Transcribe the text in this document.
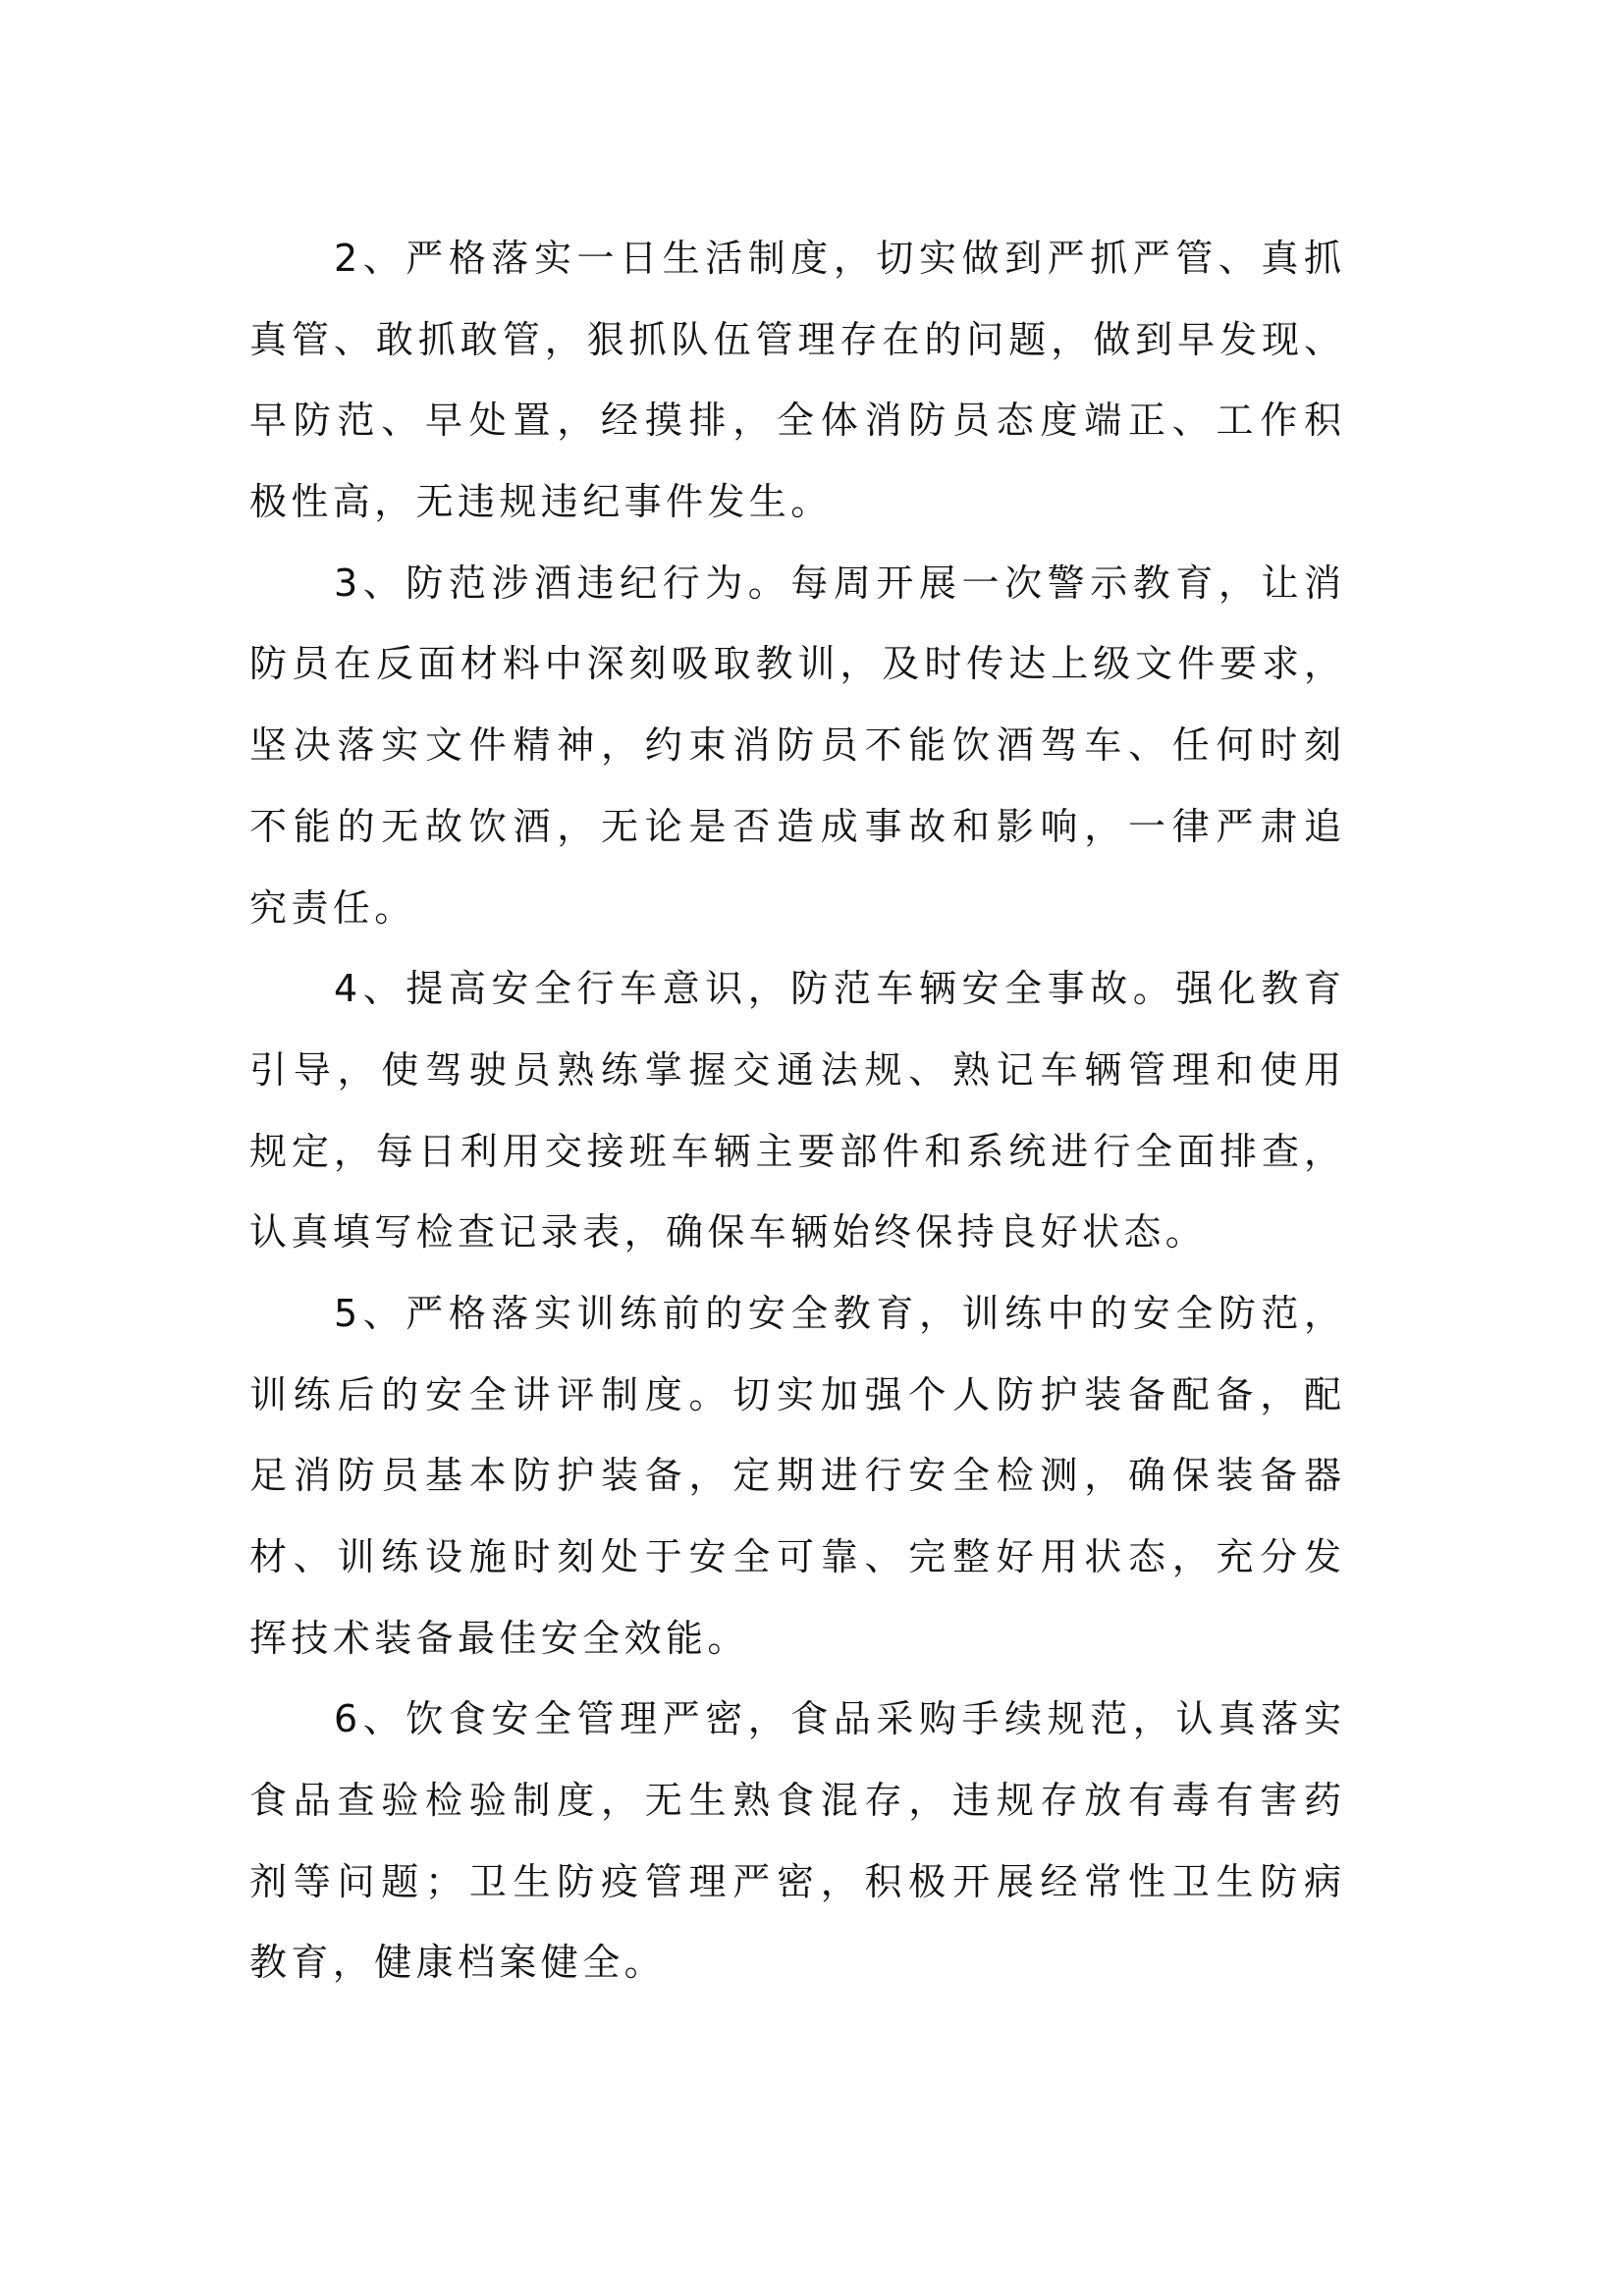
2、严格落实一日生活制度，切实做到严抓严管、真抓
真管、敢抓敢管，狠抓队伍管理存在的问题，做到早发现、
早防范、早处置，经摸排，全体消防员态度端正、工作积
极性高，无违规违纪事件发生。
3、防范涉酒违纪行为。每周开展一次警示教育，让消
防员在反面材料中深刻吸取教训，及时传达上级文件要求，
坚决落实文件精神，约束消防员不能饮酒驾车、任何时刻
不能的无故饮酒，无论是否造成事故和影响，一律严肃追
究责任。
4、提高安全行车意识，防范车辆安全事故。强化教育
引导，使驾驶员熟练掌握交通法规、熟记车辆管理和使用
规定，每日利用交接班车辆主要部件和系统进行全面排查，
认真填写检查记录表，确保车辆始终保持良好状态。
5、严格落实训练前的安全教育，训练中的安全防范，
训练后的安全讲评制度。切实加强个人防护装备配备，配
足消防员基本防护装备，定期进行安全检测，确保装备器
材、训练设施时刻处于安全可靠、完整好用状态，充分发
挥技术装备最佳安全效能。
6、饮食安全管理严密，食品采购手续规范，认真落实
食品查验检验制度，无生熟食混存，违规存放有毒有害药
剂等问题；卫生防疫管理严密，积极开展经常性卫生防病
教育，健康档案健全。
